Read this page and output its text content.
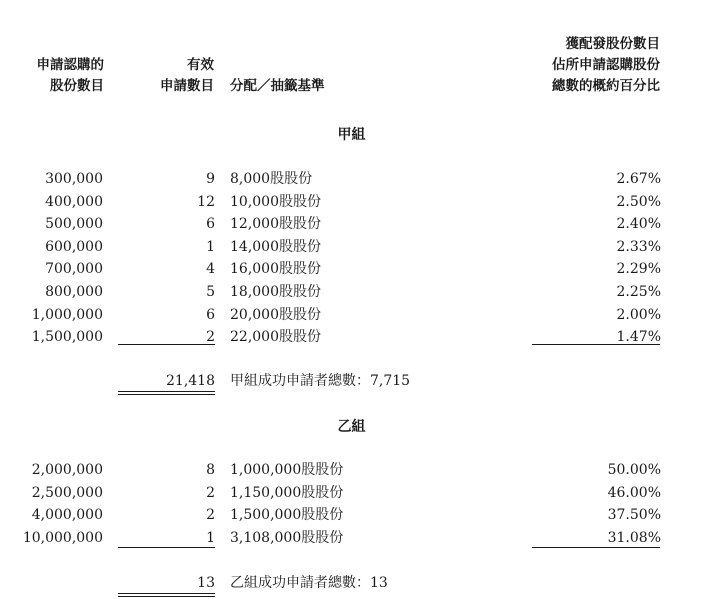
申請認購的
股份數目
有效
申請數目 分配／抽籤基準
獲配發股份數目
佔所申請認購股份
總數的概約百分比
甲組
300,000	9 8,000股股份	2.67%
400,000	12 10,000股股份	2.50%
500,000	6 12,000股股份	2.40%
600,000	1 14,000股股份	2.33%
700,000	4 16,000股股份	2.29%
800,000	5 18,000股股份	2.25%
1,000,000	6 20,000股股份	2.00%
1,500,000	2 22,000股股份	1.47%
21,418 甲組成功申請者總數：7,715
乙組
2,000,000	8 1,000,000股股份	50.00%
2,500,000	2 1,150,000股股份	46.00%
4,000,000	2 1,500,000股股份	37.50%
10,000,000	1 3,108,000股股份	31.08%
13 乙組成功申請者總數：13
